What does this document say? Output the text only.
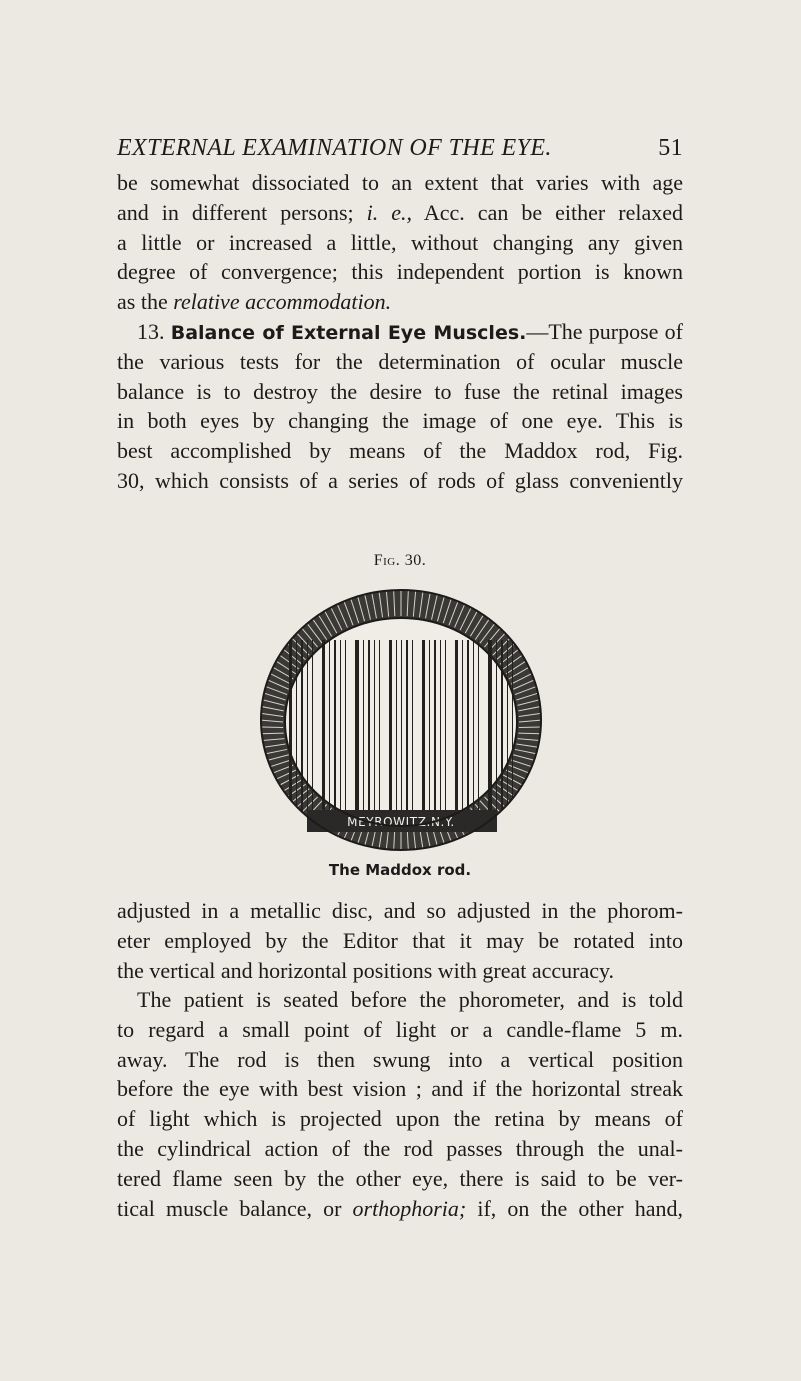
EXTERNAL EXAMINATION OF THE EYE.	51
be somewhat dissociated to an extent that varies with age
and in different persons; i. e., Acc. can be either relaxed
a little or increased a little, without changing any given
degree of convergence; this independent portion is known
as the relative accommodation.
13. Balance of External Eye Muscles.—The purpose of
the various tests for the determination of ocular muscle
balance is to destroy the desire to fuse the retinal images
in both eyes by changing the image of one eye. This is
best accomplished by means of the Maddox rod, Fig.
30, which consists of a series of rods of glass conveniently
Fig. 30.
MEYROWITZ.N.Y.
The Maddox rod.
adjusted in a metallic disc, and so adjusted in the phorom-
eter employed by the Editor that it may be rotated into
the vertical and horizontal positions with great accuracy.
The patient is seated before the phorometer, and is told
to regard a small point of light or a candle-flame 5 m.
away. The rod is then swung into a vertical position
before the eye with best vision ; and if the horizontal streak
of light which is projected upon the retina by means of
the cylindrical action of the rod passes through the unal-
tered flame seen by the other eye, there is said to be ver-
tical muscle balance, or orthophoria; if, on the other hand,
